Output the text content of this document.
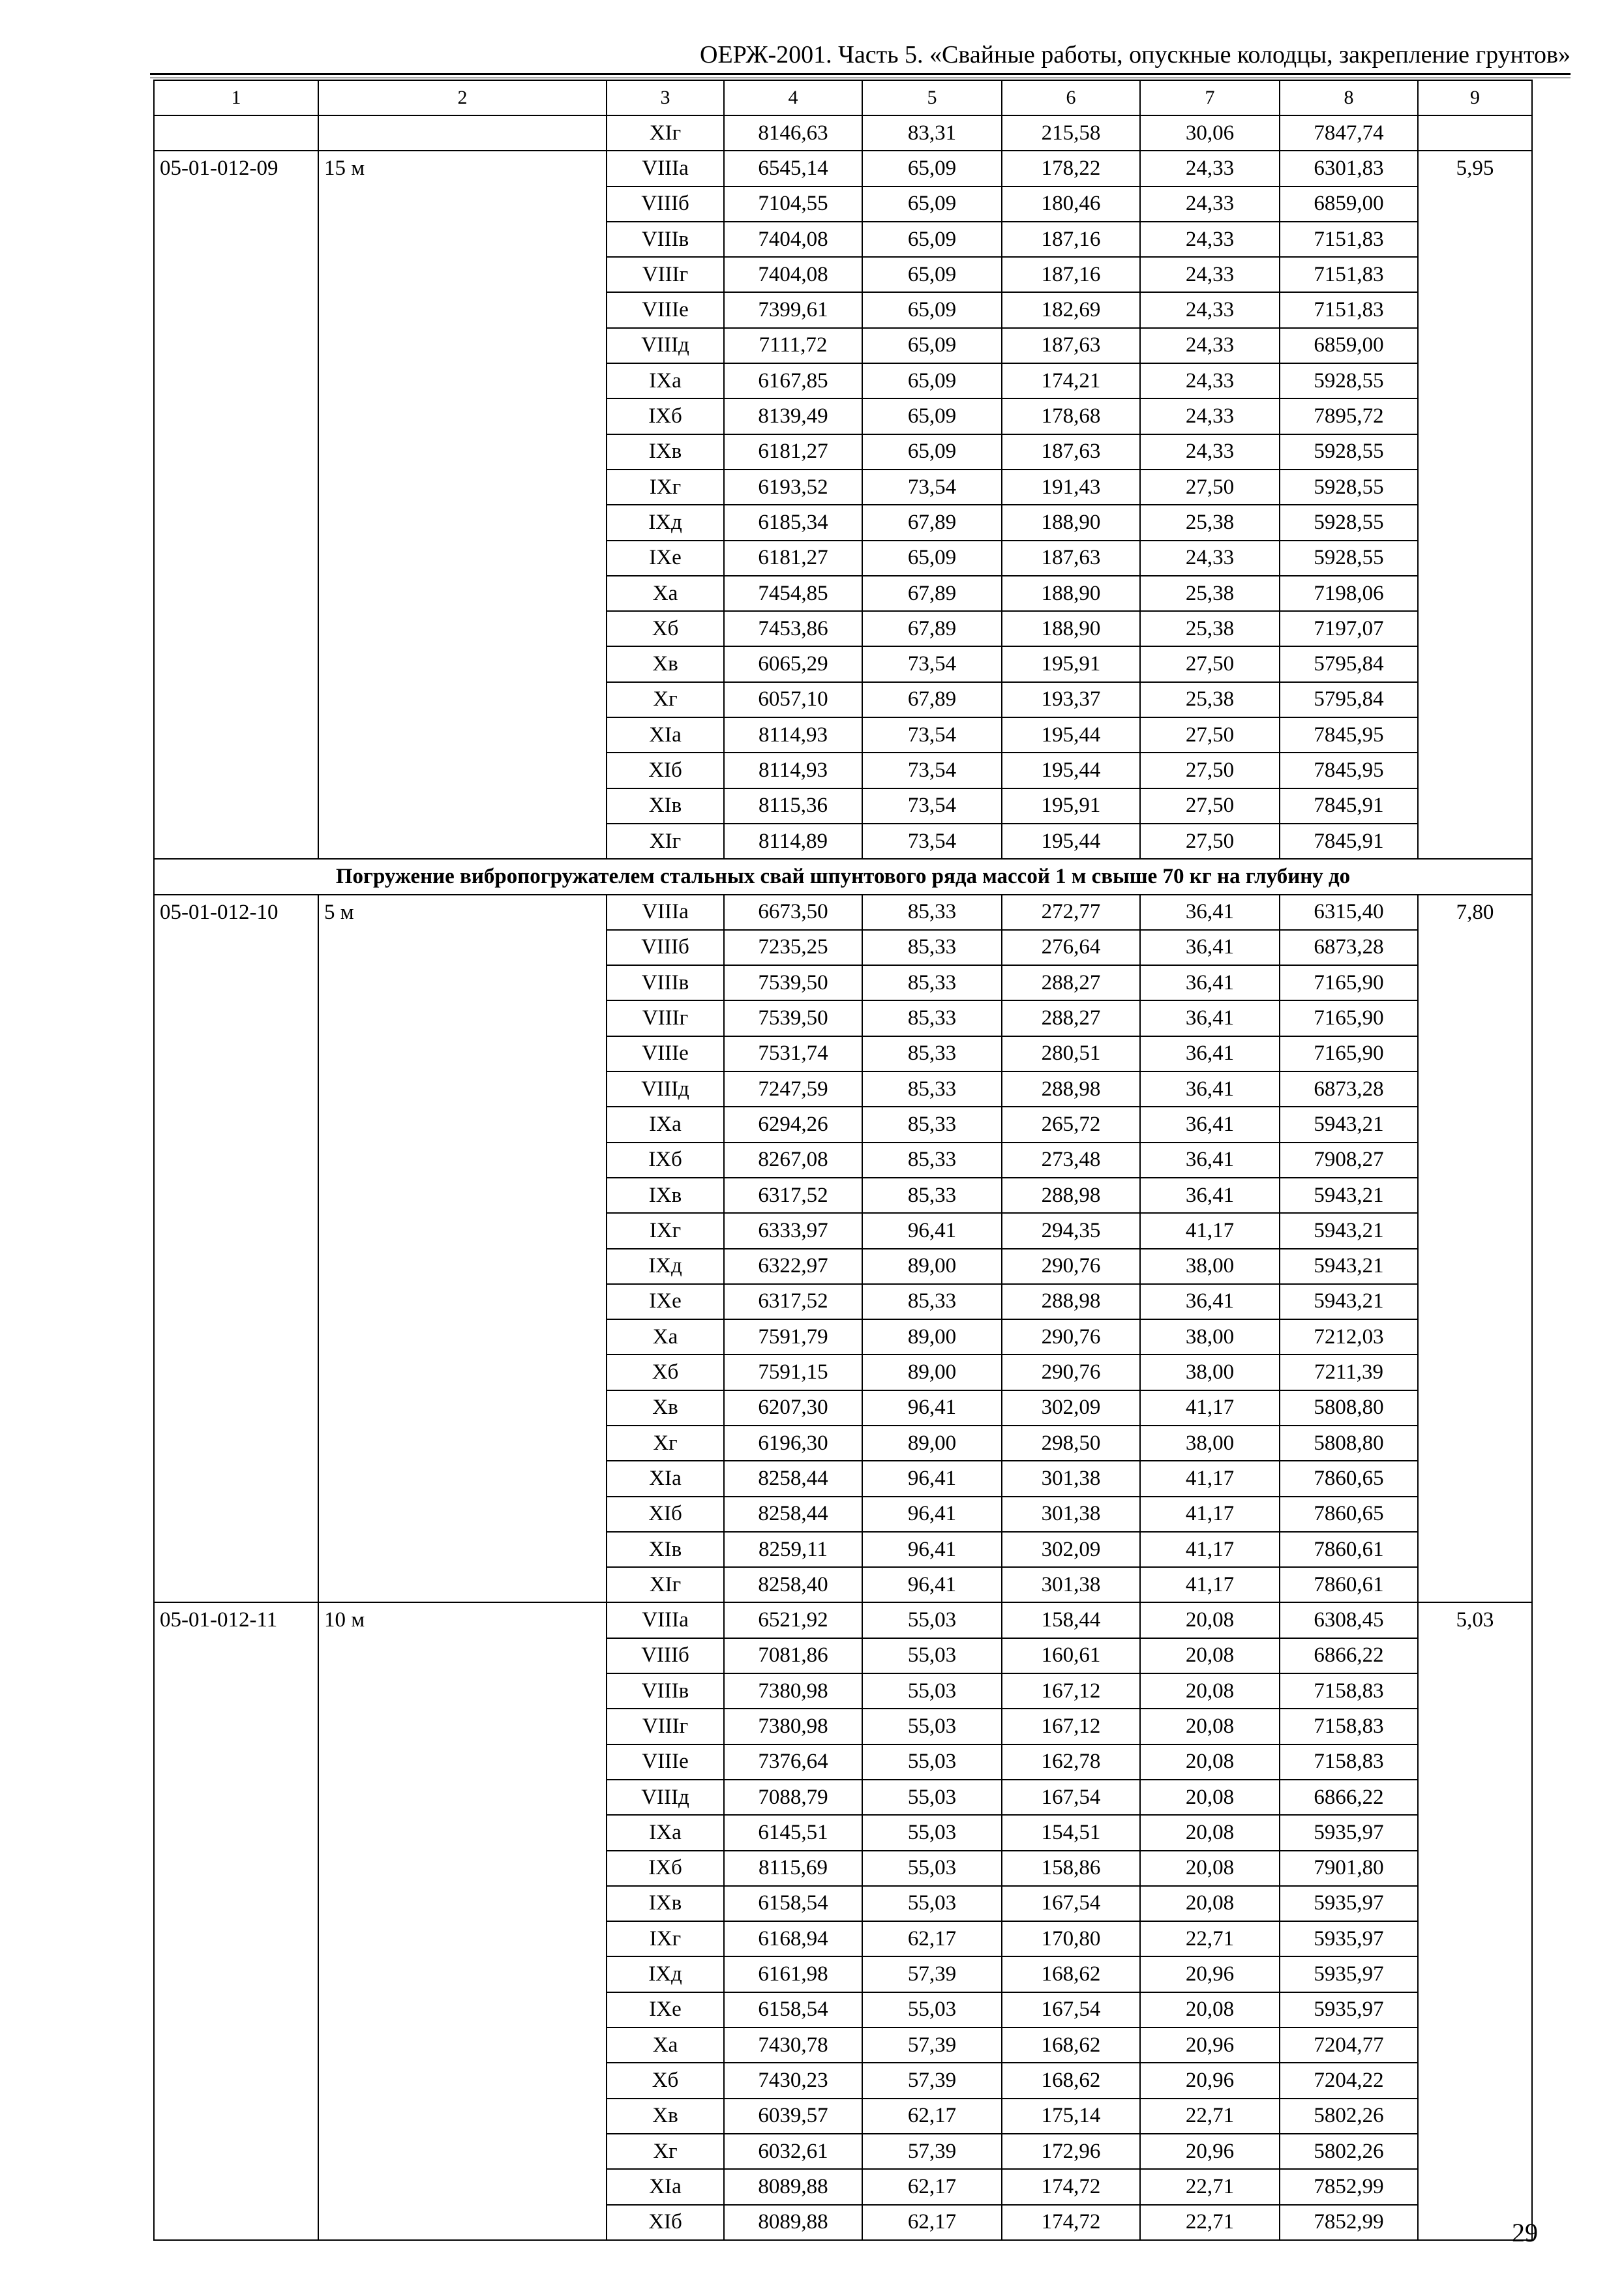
ОЕРЖ-2001. Часть 5. «Свайные работы, опускные колодцы, закрепление грунтов»
1	2	3	4	5	6	7	8	9
		XIг	8146,63	83,31	215,58	30,06	7847,74	
05-01-012-09	15 м	VIIIа	6545,14	65,09	178,22	24,33	6301,83	5,95
		VIIIб	7104,55	65,09	180,46	24,33	6859,00	
		VIIIв	7404,08	65,09	187,16	24,33	7151,83	
		VIIIг	7404,08	65,09	187,16	24,33	7151,83	
		VIIIе	7399,61	65,09	182,69	24,33	7151,83	
		VIIIд	7111,72	65,09	187,63	24,33	6859,00	
		IXа	6167,85	65,09	174,21	24,33	5928,55	
		IXб	8139,49	65,09	178,68	24,33	7895,72	
		IXв	6181,27	65,09	187,63	24,33	5928,55	
		IXг	6193,52	73,54	191,43	27,50	5928,55	
		IXд	6185,34	67,89	188,90	25,38	5928,55	
		IXе	6181,27	65,09	187,63	24,33	5928,55	
		Xа	7454,85	67,89	188,90	25,38	7198,06	
		Xб	7453,86	67,89	188,90	25,38	7197,07	
		Xв	6065,29	73,54	195,91	27,50	5795,84	
		Xг	6057,10	67,89	193,37	25,38	5795,84	
		XIа	8114,93	73,54	195,44	27,50	7845,95	
		XIб	8114,93	73,54	195,44	27,50	7845,95	
		XIв	8115,36	73,54	195,91	27,50	7845,91	
		XIг	8114,89	73,54	195,44	27,50	7845,91	
Погружение вибропогружателем стальных свай шпунтового ряда массой 1 м свыше 70 кг на глубину до								
05-01-012-10	5 м	VIIIа	6673,50	85,33	272,77	36,41	6315,40	7,80
		VIIIб	7235,25	85,33	276,64	36,41	6873,28	
		VIIIв	7539,50	85,33	288,27	36,41	7165,90	
		VIIIг	7539,50	85,33	288,27	36,41	7165,90	
		VIIIе	7531,74	85,33	280,51	36,41	7165,90	
		VIIIд	7247,59	85,33	288,98	36,41	6873,28	
		IXа	6294,26	85,33	265,72	36,41	5943,21	
		IXб	8267,08	85,33	273,48	36,41	7908,27	
		IXв	6317,52	85,33	288,98	36,41	5943,21	
		IXг	6333,97	96,41	294,35	41,17	5943,21	
		IXд	6322,97	89,00	290,76	38,00	5943,21	
		IXе	6317,52	85,33	288,98	36,41	5943,21	
		Xа	7591,79	89,00	290,76	38,00	7212,03	
		Xб	7591,15	89,00	290,76	38,00	7211,39	
		Xв	6207,30	96,41	302,09	41,17	5808,80	
		Xг	6196,30	89,00	298,50	38,00	5808,80	
		XIа	8258,44	96,41	301,38	41,17	7860,65	
		XIб	8258,44	96,41	301,38	41,17	7860,65	
		XIв	8259,11	96,41	302,09	41,17	7860,61	
		XIг	8258,40	96,41	301,38	41,17	7860,61	
05-01-012-11	10 м	VIIIа	6521,92	55,03	158,44	20,08	6308,45	5,03
		VIIIб	7081,86	55,03	160,61	20,08	6866,22	
		VIIIв	7380,98	55,03	167,12	20,08	7158,83	
		VIIIг	7380,98	55,03	167,12	20,08	7158,83	
		VIIIе	7376,64	55,03	162,78	20,08	7158,83	
		VIIIд	7088,79	55,03	167,54	20,08	6866,22	
		IXа	6145,51	55,03	154,51	20,08	5935,97	
		IXб	8115,69	55,03	158,86	20,08	7901,80	
		IXв	6158,54	55,03	167,54	20,08	5935,97	
		IXг	6168,94	62,17	170,80	22,71	5935,97	
		IXд	6161,98	57,39	168,62	20,96	5935,97	
		IXе	6158,54	55,03	167,54	20,08	5935,97	
		Xа	7430,78	57,39	168,62	20,96	7204,77	
		Xб	7430,23	57,39	168,62	20,96	7204,22	
		Xв	6039,57	62,17	175,14	22,71	5802,26	
		Xг	6032,61	57,39	172,96	20,96	5802,26	
		XIа	8089,88	62,17	174,72	22,71	7852,99	
		XIб	8089,88	62,17	174,72	22,71	7852,99		29
